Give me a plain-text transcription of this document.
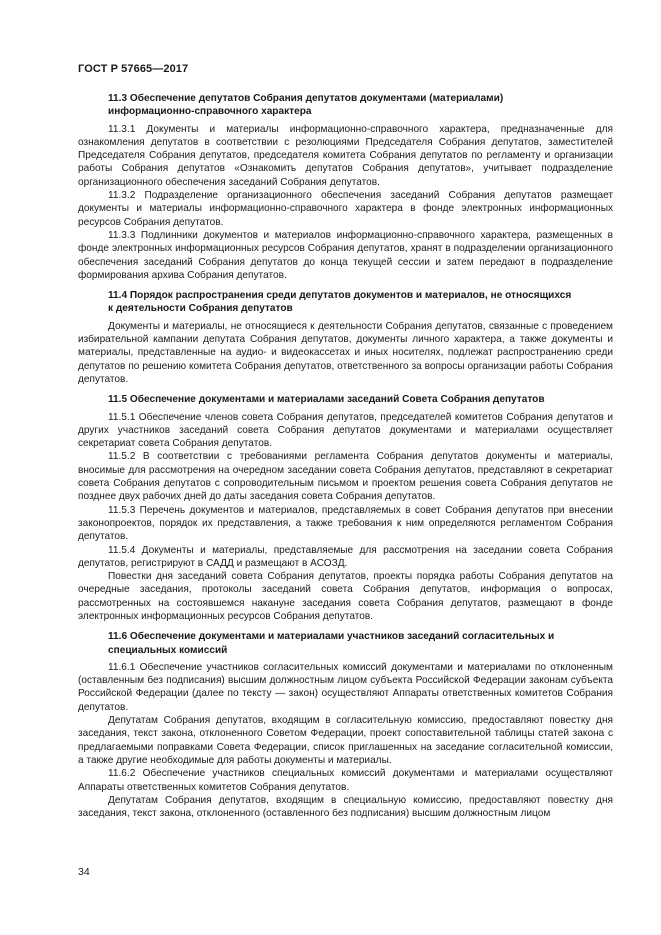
ГОСТ Р 57665—2017
11.3 Обеспечение депутатов Собрания депутатов документами (материалами) информационно-справочного характера

11.3.1 Документы и материалы информационно-справочного характера, предназначенные для ознакомления депутатов в соответствии с резолюциями Председателя Собрания депутатов, заместителей Председателя Собрания депутатов, председателя комитета Собрания депутатов по регламенту и организации работы Собрания депутатов «Ознакомить депутатов Собрания депутатов», учитывает подразделение организационного обеспечения заседаний Собрания депутатов.

11.3.2 Подразделение организационного обеспечения заседаний Собрания депутатов размещает документы и материалы информационно-справочного характера в фонде электронных информационных ресурсов Собрания депутатов.

11.3.3 Подлинники документов и материалов информационно-справочного характера, размещенных в фонде электронных информационных ресурсов Собрания депутатов, хранят в подразделении организационного обеспечения заседаний Собрания депутатов до конца текущей сессии и затем передают в подразделение формирования архива Собрания депутатов.

11.4 Порядок распространения среди депутатов документов и материалов, не относящихся к деятельности Собрания депутатов

Документы и материалы, не относящиеся к деятельности Собрания депутатов, связанные с проведением избирательной кампании депутата Собрания депутатов, документы личного характера, а также документы и материалы, представленные на аудио- и видеокассетах и иных носителях, подлежат распространению среди депутатов по решению комитета Собрания депутатов, ответственного за вопросы организации работы Собрания депутатов.

11.5 Обеспечение документами и материалами заседаний Совета Собрания депутатов

11.5.1 Обеспечение членов совета Собрания депутатов, председателей комитетов Собрания депутатов и других участников заседаний совета Собрания депутатов документами и материалами осуществляет секретариат совета Собрания депутатов.

11.5.2 В соответствии с требованиями регламента Собрания депутатов документы и материалы, вносимые для рассмотрения на очередном заседании совета Собрания депутатов, представляют в секретариат совета Собрания депутатов с сопроводительным письмом и проектом решения совета Собрания депутатов не позднее двух рабочих дней до даты заседания совета Собрания депутатов.

11.5.3 Перечень документов и материалов, представляемых в совет Собрания депутатов при внесении законопроектов, порядок их представления, а также требования к ним определяются регламентом Собрания депутатов.

11.5.4 Документы и материалы, представляемые для рассмотрения на заседании совета Собрания депутатов, регистрируют в САДД и размещают в АСОЗД.

Повестки дня заседаний совета Собрания депутатов, проекты порядка работы Собрания депутатов на очередные заседания, протоколы заседаний совета Собрания депутатов, информация о вопросах, рассмотренных на состоявшемся накануне заседания совета Собрания депутатов, размещают в фонде электронных информационных ресурсов Собрания депутатов.

11.6 Обеспечение документами и материалами участников заседаний согласительных и специальных комиссий

11.6.1 Обеспечение участников согласительных комиссий документами и материалами по отклоненным (оставленным без подписания) высшим должностным лицом субъекта Российской Федерации законам субъекта Российской Федерации (далее по тексту — закон) осуществляют Аппараты ответственных комитетов Собрания депутатов.

Депутатам Собрания депутатов, входящим в согласительную комиссию, предоставляют повестку дня заседания, текст закона, отклоненного Советом Федерации, проект сопоставительной таблицы статей закона с предлагаемыми поправками Совета Федерации, список приглашенных на заседание согласительной комиссии, а также другие необходимые для работы документы и материалы.

11.6.2 Обеспечение участников специальных комиссий документами и материалами осуществляют Аппараты ответственных комитетов Собрания депутатов.

Депутатам Собрания депутатов, входящим в специальную комиссию, предоставляют повестку дня заседания, текст закона, отклоненного (оставленного без подписания) высшим должностным лицом

34
